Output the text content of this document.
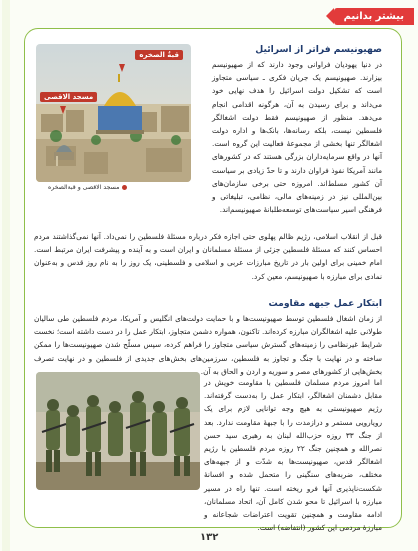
بیشتر بدانیم
قبةُ الصخره
مسجد الاقصی
مسجد الاقصی و قبةالصخره
صهیونیسم فراتر از اسرائیل
در دنیا یهودیان فراوانی وجود دارند که از صهیونیسم بیزارند. صهیونیسم یک جریان فکری ـ سیاسی متجاوز است که تشکیل دولت اسرائیل را هدف نهایی خود می‌داند و برای رسیدن به آن، هرگونه اقدامی انجام می‌دهد. منظور از صهیونیسم فقط دولت اشغالگر فلسطین نیست، بلکه رسانه‌ها، بانک‌ها و اداره دولت اشغالگر تنها بخشی از مجموعهٔ فعالیت این گروه است. آنها در واقع سرمایه‌داران بزرگی هستند که در کشورهای مانند آمریکا نفوذ فراوان دارند و تا حدّ زیادی بر سیاست آن کشور مسلط‌اند. امروزه حتی برخی سازمان‌های بین‌المللی نیز در زمینه‌های مالی، نظامی، تبلیغاتی و فرهنگی اسیر سیاست‌های توسعه‌طلبانهٔ صهیونیسم‌اند.
قبل از انقلاب اسلامی، رژیم ظالم پهلوی حتی اجازه فکر درباره مسئلهٔ فلسطین را نمی‌داد. آنها نمی‌گذاشتند مردم احساس کنند که مسئلهٔ فلسطین جزئی از مسئلهٔ مسلمانان و ایران است و به آینده و پیشرفت ایران مرتبط است. امام خمینی برای اولین بار در تاریخ مبارزات عربی و اسلامی و فلسطینی، یک روز را به نام روز قدس و به‌عنوان نمادی برای مبارزه با صهیونیسم، معین کرد.
ابتکار عمل جبهه مقاومت
از زمان اشغال فلسطین توسط صهیونیست‌ها و با حمایت دولت‌های انگلیس و آمریکا، مردم فلسطین طی سالیان طولانی علیه اشغالگران مبارزه کرده‌اند. تاکنون، هموار‌ه دشمن متجاوز، ابتکار عمل را در دست داشته است؛ نخست شرایط غیرنظامی را زمینه‌های گسترش سیاسی متجاوز را فراهم کرده، سپس مسلّح شدن صهیونیست‌ها را ممکن ساخته و در نهایت با جنگ و تجاوز به فلسطین، سرزمین‌های بخش‌های جدیدی از فلسطین و در نهایت تصرف بخش‌هایی از کشورهای مصر و سوریه و اردن و الحاق به آن.
اما امروز مردم مسلمان فلسطین با مقاومت خویش در مقابل دشمنان اشغالگر، ابتکار عمل را به‌دست گرفته‌اند. رژیم صهیونیستی به هیچ وجه توانایی لازم برای یک رویارویی مستمر و درازمدت را با جبههٔ مقاومت ندارد. بعد از جنگ ۳۳ روزه حزب‌الله لبنان به رهبری سید حسن نصرالله و همچنین جنگ ۲۲ روزه مردم فلسطین با رژیم اشغالگر قدس، صهیونیست‌ها به شدّت و از جبهه‌های مختلف، ضربه‌های سنگینی را متحمل شده و افسانهٔ شکست‌ناپذیری آنها فرو ریخته است. تنها راه در مسیر مبارزه با اسرائیل تا محو شدن کامل آن، اتحاد مسلمانان، ادامه مقاومت و همچنین تقویت اعتراضات شجاعانه و مبارزهٔ مردمی این کشور (انتفاضه) است.
۱۳۲
